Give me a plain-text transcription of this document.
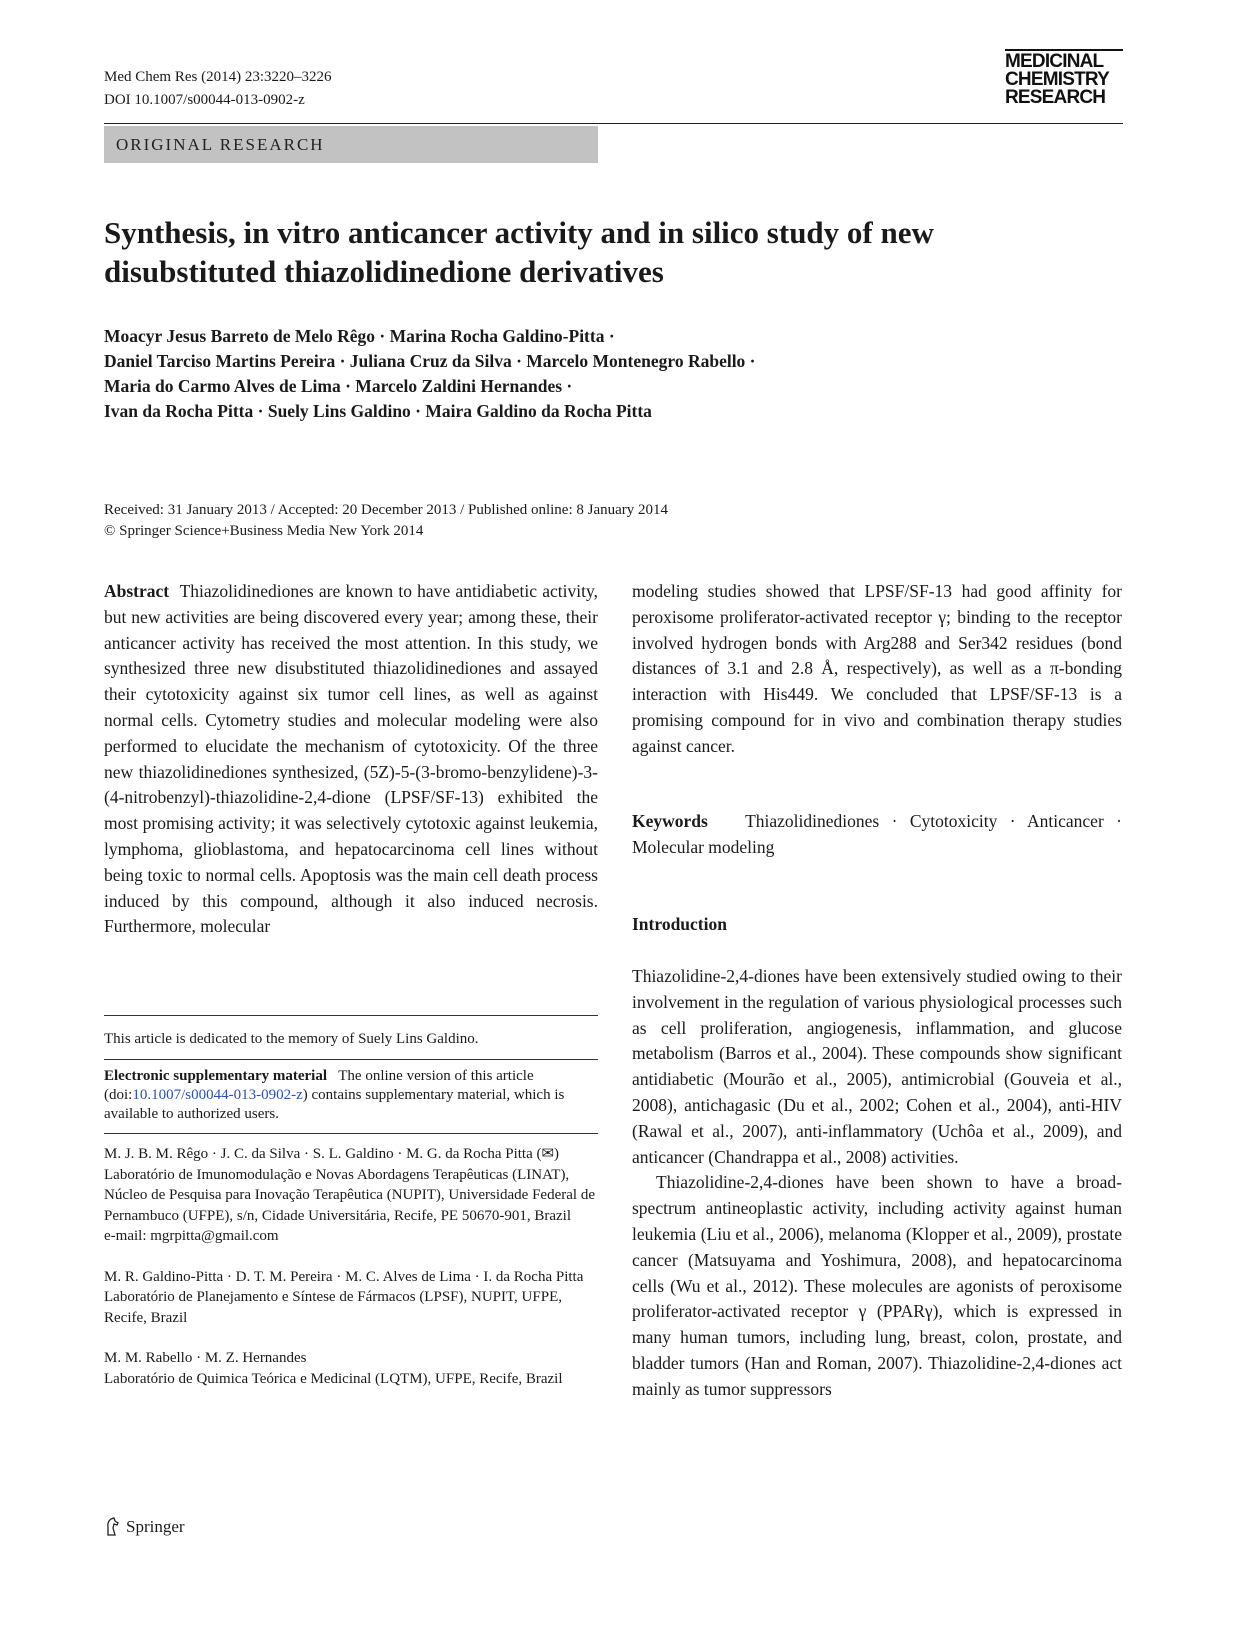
Med Chem Res (2014) 23:3220–3226
DOI 10.1007/s00044-013-0902-z
MEDICINAL
CHEMISTRY
RESEARCH
ORIGINAL RESEARCH
Synthesis, in vitro anticancer activity and in silico study of new disubstituted thiazolidinedione derivatives
Moacyr Jesus Barreto de Melo Rêgo · Marina Rocha Galdino-Pitta ·
Daniel Tarciso Martins Pereira · Juliana Cruz da Silva · Marcelo Montenegro Rabello ·
Maria do Carmo Alves de Lima · Marcelo Zaldini Hernandes ·
Ivan da Rocha Pitta · Suely Lins Galdino · Maira Galdino da Rocha Pitta
Received: 31 January 2013 / Accepted: 20 December 2013 / Published online: 8 January 2014
© Springer Science+Business Media New York 2014
Abstract Thiazolidinediones are known to have antidiabetic activity, but new activities are being discovered every year; among these, their anticancer activity has received the most attention. In this study, we synthesized three new disubstituted thiazolidinediones and assayed their cytotoxicity against six tumor cell lines, as well as against normal cells. Cytometry studies and molecular modeling were also performed to elucidate the mechanism of cytotoxicity. Of the three new thiazolidinediones synthesized, (5Z)-5-(3-bromo-benzylidene)-3-(4-nitrobenzyl)-thiazolidine-2,4-dione (LPSF/SF-13) exhibited the most promising activity; it was selectively cytotoxic against leukemia, lymphoma, glioblastoma, and hepatocarcinoma cell lines without being toxic to normal cells. Apoptosis was the main cell death process induced by this compound, although it also induced necrosis. Furthermore, molecular
modeling studies showed that LPSF/SF-13 had good affinity for peroxisome proliferator-activated receptor γ; binding to the receptor involved hydrogen bonds with Arg288 and Ser342 residues (bond distances of 3.1 and 2.8 Å, respectively), as well as a π-bonding interaction with His449. We concluded that LPSF/SF-13 is a promising compound for in vivo and combination therapy studies against cancer.
Keywords Thiazolidinediones · Cytotoxicity · Anticancer · Molecular modeling
Introduction

Thiazolidine-2,4-diones have been extensively studied owing to their involvement in the regulation of various physiological processes such as cell proliferation, angiogenesis, inflammation, and glucose metabolism (Barros et al., 2004). These compounds show significant antidiabetic (Mourão et al., 2005), antimicrobial (Gouveia et al., 2008), antichagasic (Du et al., 2002; Cohen et al., 2004), anti-HIV (Rawal et al., 2007), anti-inflammatory (Uchôa et al., 2009), and anticancer (Chandrappa et al., 2008) activities.

Thiazolidine-2,4-diones have been shown to have a broad-spectrum antineoplastic activity, including activity against human leukemia (Liu et al., 2006), melanoma (Klopper et al., 2009), prostate cancer (Matsuyama and Yoshimura, 2008), and hepatocarcinoma cells (Wu et al., 2012). These molecules are agonists of peroxisome proliferator-activated receptor γ (PPARγ), which is expressed in many human tumors, including lung, breast, colon, prostate, and bladder tumors (Han and Roman, 2007). Thiazolidine-2,4-diones act mainly as tumor suppressors

This article is dedicated to the memory of Suely Lins Galdino.
Electronic supplementary material The online version of this article (doi:10.1007/s00044-013-0902-z) contains supplementary material, which is available to authorized users.
M. J. B. M. Rêgo · J. C. da Silva · S. L. Galdino · M. G. da Rocha Pitta (✉)
Laboratório de Imunomodulação e Novas Abordagens Terapêuticas (LINAT), Núcleo de Pesquisa para Inovação Terapêutica (NUPIT), Universidade Federal de Pernambuco (UFPE), s/n, Cidade Universitária, Recife, PE 50670-901, Brazil
e-mail: mgrpitta@gmail.com
M. R. Galdino-Pitta · D. T. M. Pereira · M. C. Alves de Lima · I. da Rocha Pitta
Laboratório de Planejamento e Síntese de Fármacos (LPSF), NUPIT, UFPE, Recife, Brazil
M. M. Rabello · M. Z. Hernandes
Laboratório de Quimica Teórica e Medicinal (LQTM), UFPE, Recife, Brazil
Springer
